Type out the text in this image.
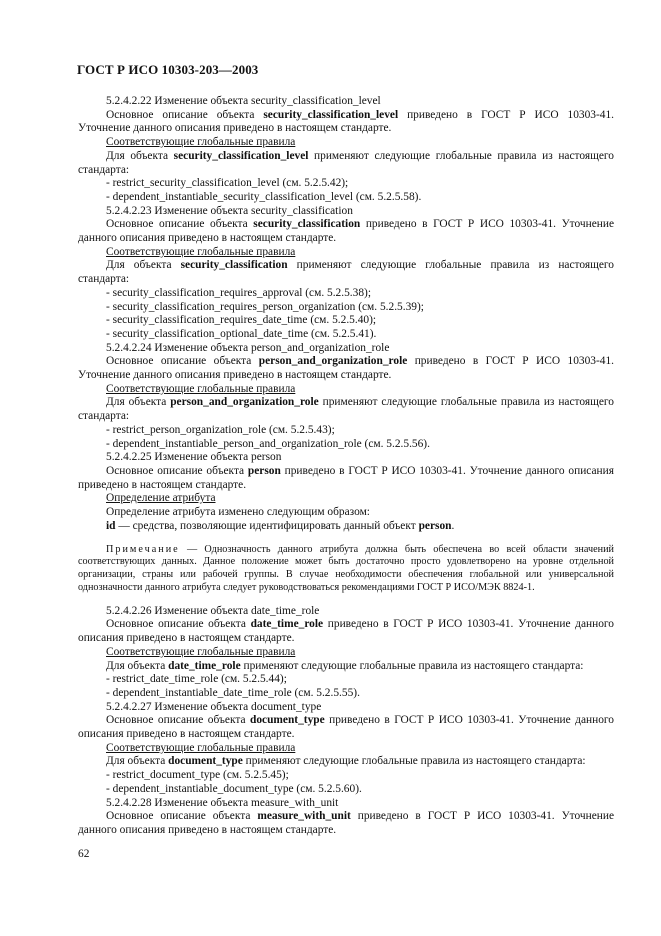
ГОСТ Р ИСО 10303-203—2003
5.2.4.2.22 Изменение объекта security_classification_level
Основное описание объекта security_classification_level приведено в ГОСТ Р ИСО 10303-41. Уточнение данного описания приведено в настоящем стандарте.
Соответствующие глобальные правила
Для объекта security_classification_level применяют следующие глобальные правила из настоящего стандарта:
- restrict_security_classification_level (см. 5.2.5.42);
- dependent_instantiable_security_classification_level (см. 5.2.5.58).
5.2.4.2.23 Изменение объекта security_classification
Основное описание объекта security_classification приведено в ГОСТ Р ИСО 10303-41. Уточнение данного описания приведено в настоящем стандарте.
Соответствующие глобальные правила
Для объекта security_classification применяют следующие глобальные правила из настоящего стандарта:
- security_classification_requires_approval (см. 5.2.5.38);
- security_classification_requires_person_organization (см. 5.2.5.39);
- security_classification_requires_date_time (см. 5.2.5.40);
- security_classification_optional_date_time (см. 5.2.5.41).
5.2.4.2.24 Изменение объекта person_and_organization_role
Основное описание объекта person_and_organization_role приведено в ГОСТ Р ИСО 10303-41. Уточнение данного описания приведено в настоящем стандарте.
Соответствующие глобальные правила
Для объекта person_and_organization_role применяют следующие глобальные правила из настоящего стандарта:
- restrict_person_organization_role (см. 5.2.5.43);
- dependent_instantiable_person_and_organization_role (см. 5.2.5.56).
5.2.4.2.25 Изменение объекта person
Основное описание объекта person приведено в ГОСТ Р ИСО 10303-41. Уточнение данного описания приведено в настоящем стандарте.
Определение атрибута
Определение атрибута изменено следующим образом:
id — средства, позволяющие идентифицировать данный объект person.
Примечание — Однозначность данного атрибута должна быть обеспечена во всей области значений соответствующих данных. Данное положение может быть достаточно просто удовлетворено на уровне отдельной организации, страны или рабочей группы. В случае необходимости обеспечения глобальной или универсальной однозначности данного атрибута следует руководствоваться рекомендациями ГОСТ Р ИСО/МЭК 8824-1.
5.2.4.2.26 Изменение объекта date_time_role
Основное описание объекта date_time_role приведено в ГОСТ Р ИСО 10303-41. Уточнение данного описания приведено в настоящем стандарте.
Соответствующие глобальные правила
Для объекта date_time_role применяют следующие глобальные правила из настоящего стандарта:
- restrict_date_time_role (см. 5.2.5.44);
- dependent_instantiable_date_time_role (см. 5.2.5.55).
5.2.4.2.27 Изменение объекта document_type
Основное описание объекта document_type приведено в ГОСТ Р ИСО 10303-41. Уточнение данного описания приведено в настоящем стандарте.
Соответствующие глобальные правила
Для объекта document_type применяют следующие глобальные правила из настоящего стандарта:
- restrict_document_type (см. 5.2.5.45);
- dependent_instantiable_document_type (см. 5.2.5.60).
5.2.4.2.28 Изменение объекта measure_with_unit
Основное описание объекта measure_with_unit приведено в ГОСТ Р ИСО 10303-41. Уточнение данного описания приведено в настоящем стандарте.
62
